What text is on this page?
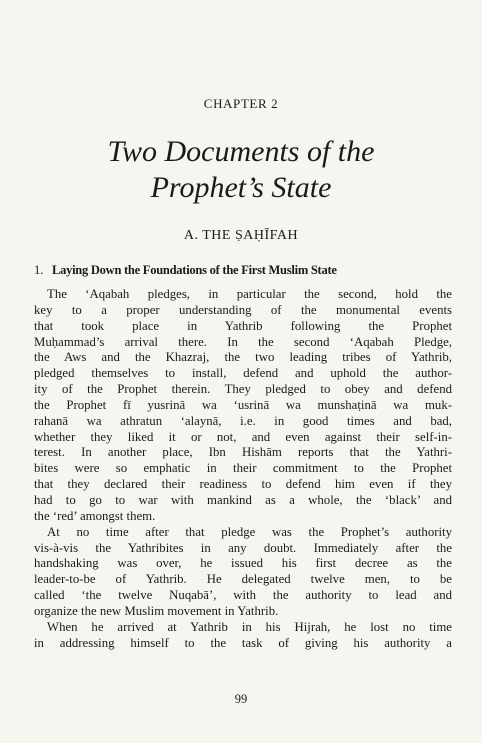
CHAPTER 2
Two Documents of the
Prophet’s State
A. THE ṢAḤĪFAH
1. Laying Down the Foundations of the First Muslim State
The ‘Aqabah pledges, in particular the second, hold the
key to a proper understanding of the monumental events
that took place in Yathrib following the Prophet
Muḥammad’s arrival there. In the second ‘Aqabah Pledge,
the Aws and the Khazraj, the two leading tribes of Yathrib,
pledged themselves to install, defend and uphold the author-
ity of the Prophet therein. They pledged to obey and defend
the Prophet fī yusrinā wa ‘usrinā wa munshaṭinā wa muk-
rahanā wa athratun ‘alaynā, i.e. in good times and bad,
whether they liked it or not, and even against their self-in-
terest. In another place, Ibn Hishām reports that the Yathri-
bites were so emphatic in their commitment to the Prophet
that they declared their readiness to defend him even if they
had to go to war with mankind as a whole, the ‘black’ and
the ‘red’ amongst them.
At no time after that pledge was the Prophet’s authority
vis-à-vis the Yathribites in any doubt. Immediately after the
handshaking was over, he issued his first decree as the
leader-to-be of Yathrib. He delegated twelve men, to be
called ‘the twelve Nuqabā’, with the authority to lead and
organize the new Muslim movement in Yathrib.
When he arrived at Yathrib in his Hijrah, he lost no time
in addressing himself to the task of giving his authority a
99
